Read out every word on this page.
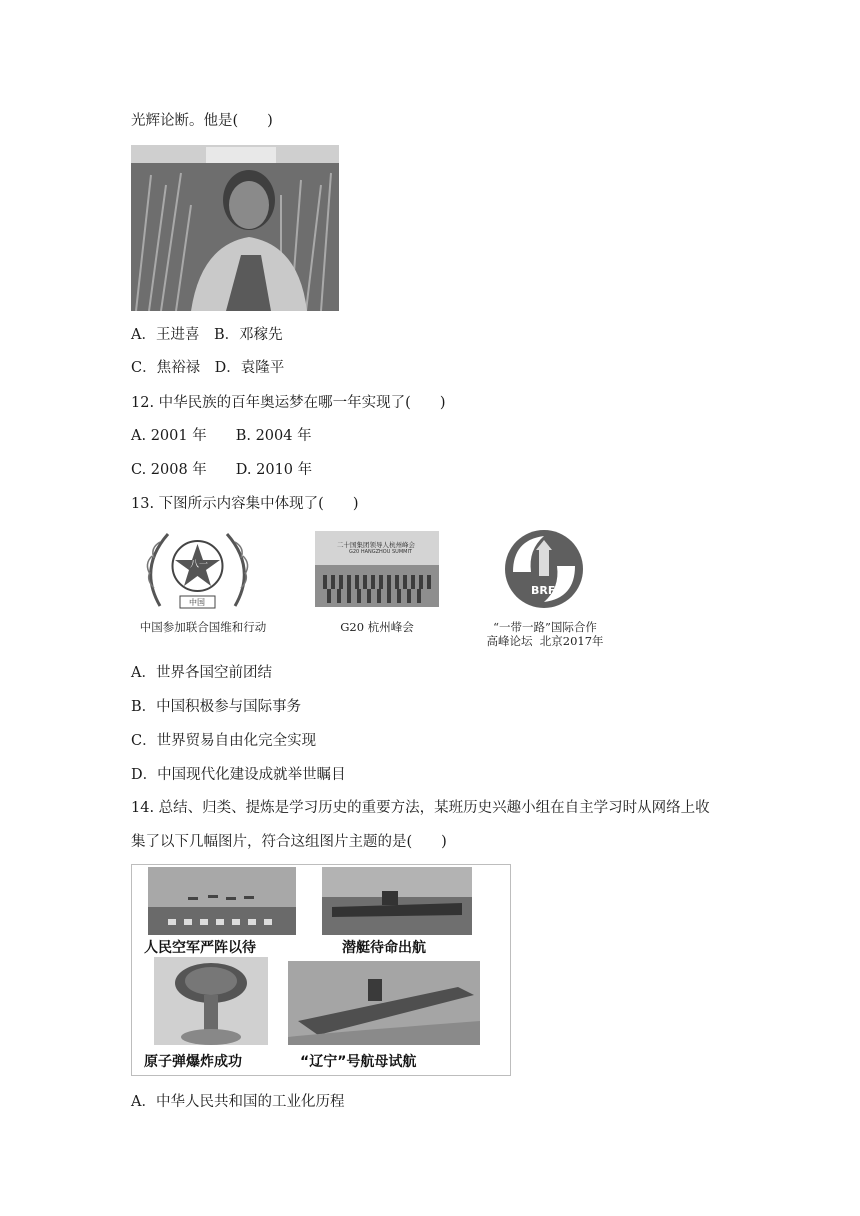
光辉论断。他是(　　)
A．王进喜　B．邓稼先
C．焦裕禄　D．袁隆平
12. 中华民族的百年奥运梦在哪一年实现了(　　)
A. 2001 年　　B. 2004 年
C. 2008 年　　D. 2010 年
13. 下图所示内容集中体现了(　　)
八一
中国
中国参加联合国维和行动
二十国集团领导人杭州峰会
G20 HANGZHOU SUMMIT
G20 杭州峰会
BRF
“一带一路”国际合作
高峰论坛  北京2017年
A．世界各国空前团结
B．中国积极参与国际事务
C．世界贸易自由化完全实现
D．中国现代化建设成就举世瞩目
14. 总结、归类、提炼是学习历史的重要方法，某班历史兴趣小组在自主学习时从网络上收
集了以下几幅图片，符合这组图片主题的是(　　)
人民空军严阵以待	潜艇待命出航
原子弹爆炸成功	“辽宁”号航母试航
A．中华人民共和国的工业化历程
